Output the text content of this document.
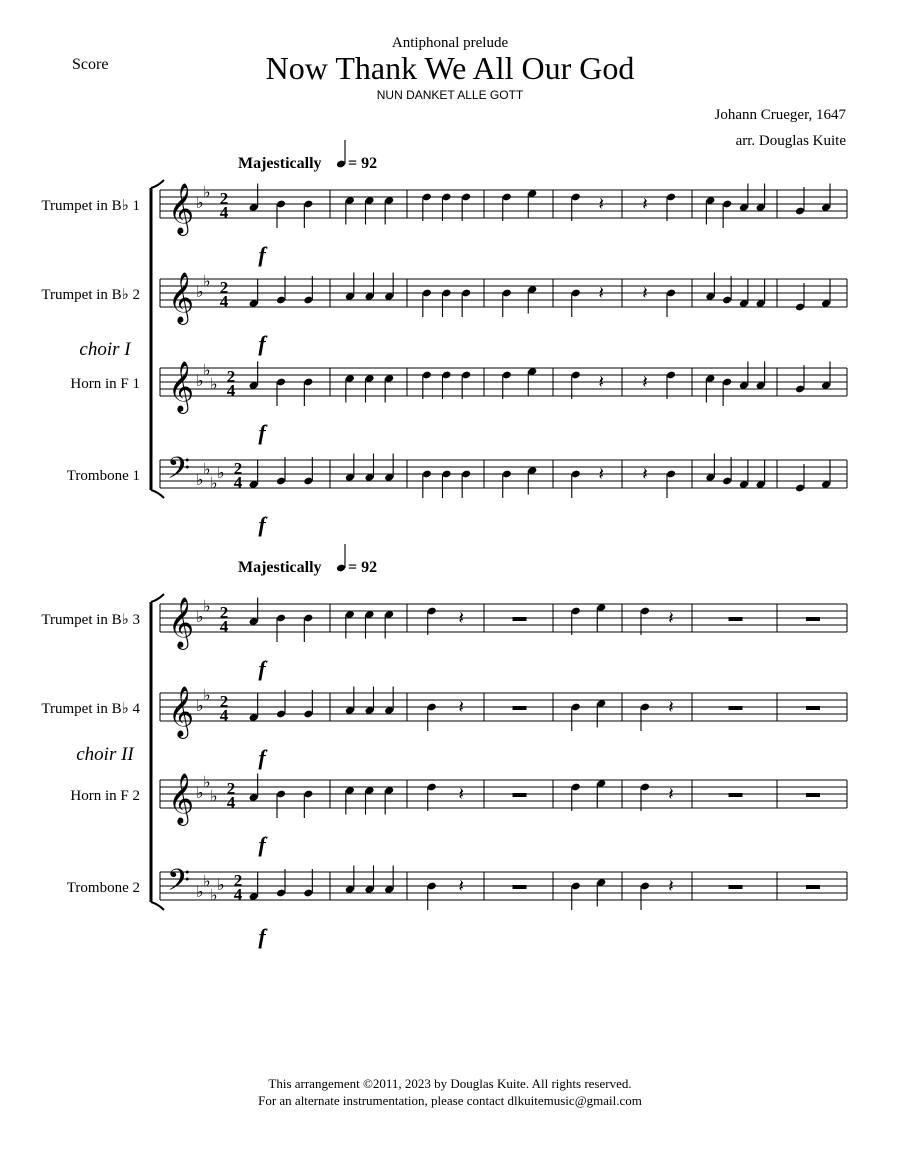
Score
Antiphonal prelude
Now Thank We All Our God
NUN DANKET ALLE GOTT
Johann Crueger, 1647
arr. Douglas Kuite
Majestically = 92
choir I
𝄞 ♭
♭ 2
4
f
𝄽 𝄽
Trumpet in B♭ 1
𝄞 ♭
♭ 2
4
f
𝄽 𝄽
Trumpet in B♭ 2
𝄞 ♭
♭
♭ 2
4
f
𝄽 𝄽
Horn in F 1
𝄢 ♭
♭
♭
♭ 2
4
f
𝄽 𝄽
Trombone 1
Majestically = 92
choir II
𝄞 ♭
♭ 2
4
f
𝄽	𝄽
Trumpet in B♭ 3
𝄞 ♭
♭ 2
4
f
𝄽	𝄽
Trumpet in B♭ 4
𝄞 ♭
♭
♭ 2
4
f
𝄽	𝄽
Horn in F 2
𝄢 ♭
♭
♭
♭ 2
4
f
𝄽	𝄽
Trombone 2
This arrangement ©2011, 2023 by Douglas Kuite. All rights reserved.
For an alternate instrumentation, please contact dlkuitemusic@gmail.com
